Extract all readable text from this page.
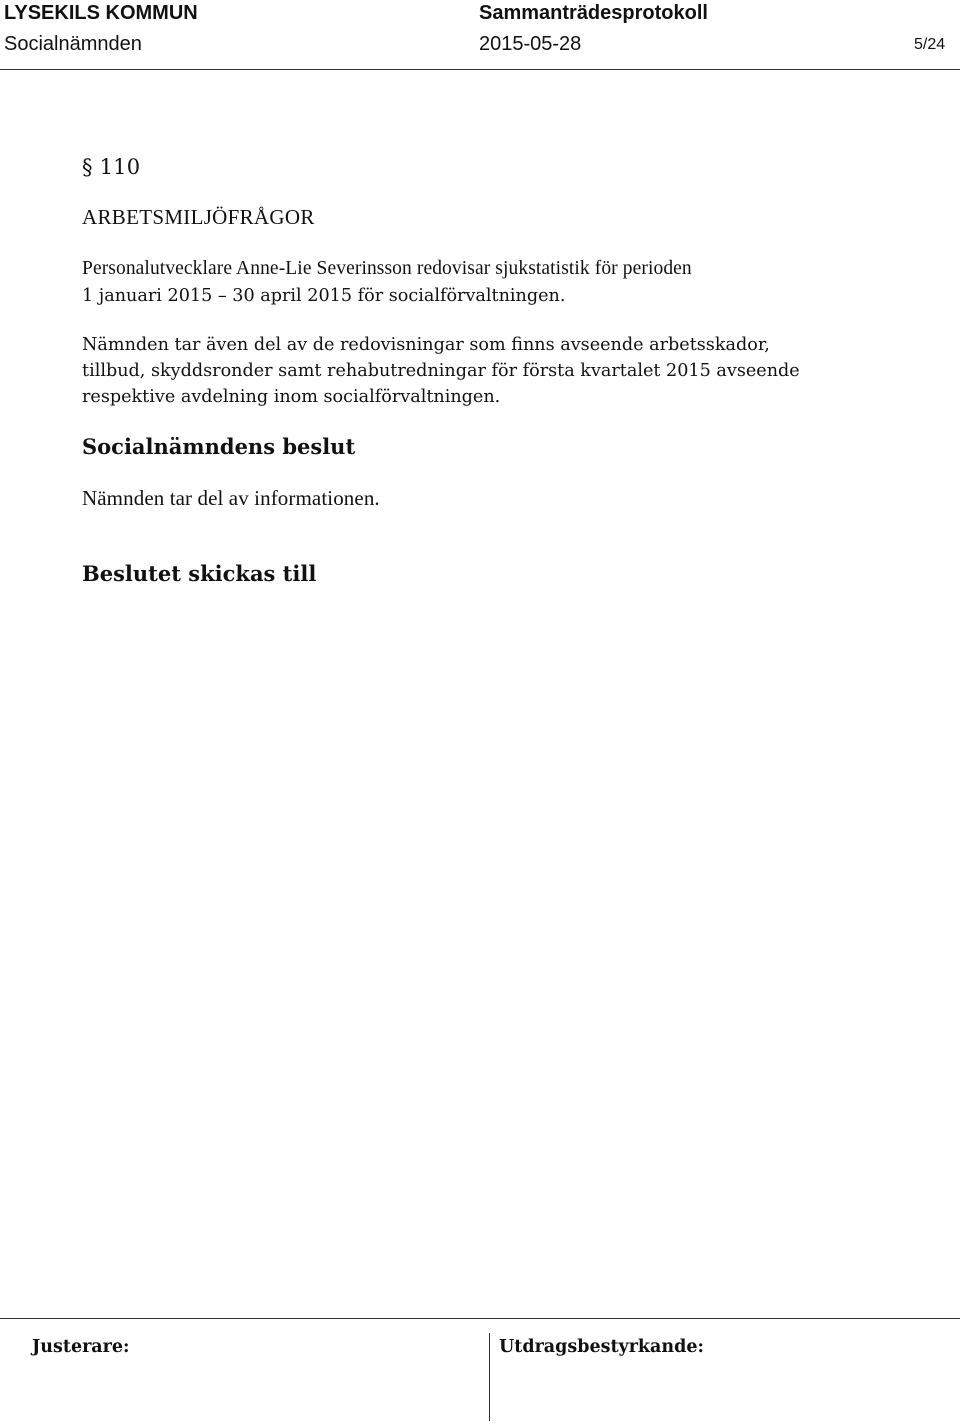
LYSEKILS KOMMUN	Sammanträdesprotokoll
Socialnämnden	2015-05-28	5/24
§ 110
ARBETSMILJÖFRÅGOR
Personalutvecklare Anne-Lie Severinsson redovisar sjukstatistik för perioden
1 januari 2015 – 30 april 2015 för socialförvaltningen.
Nämnden tar även del av de redovisningar som finns avseende arbetsskador,
tillbud, skyddsronder samt rehabutredningar för första kvartalet 2015 avseende
respektive avdelning inom socialförvaltningen.
Socialnämndens beslut
Nämnden tar del av informationen.
Beslutet skickas till
Justerare:	Utdragsbestyrkande:
